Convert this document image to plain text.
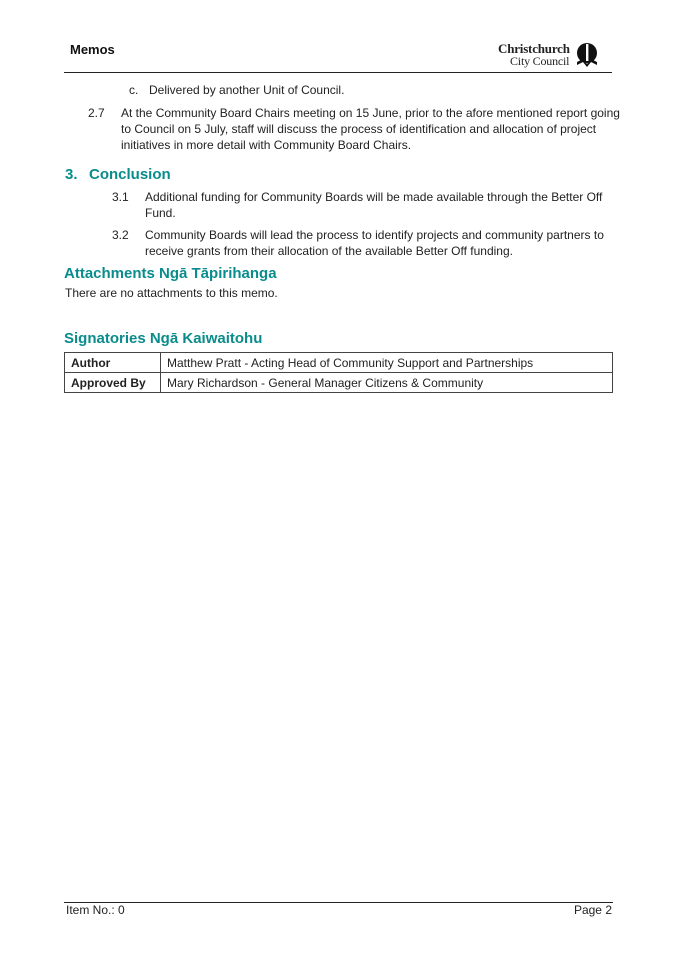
Memos	Christchurch
City Council
c. Delivered by another Unit of Council.
2.7 At the Community Board Chairs meeting on 15 June, prior to the afore mentioned report going
to Council on 5 July, staff will discuss the process of identification and allocation of project
initiatives in more detail with Community Board Chairs.
3. Conclusion
3.1 Additional funding for Community Boards will be made available through the Better Off
Fund.
3.2 Community Boards will lead the process to identify projects and community partners to
receive grants from their allocation of the available Better Off funding.
Attachments Ngā Tāpirihanga
There are no attachments to this memo.
Signatories Ngā Kaiwaitohu
Author	Matthew Pratt - Acting Head of Community Support and Partnerships
Approved By	Mary Richardson - General Manager Citizens & Community
Item No.: 0	Page 2
